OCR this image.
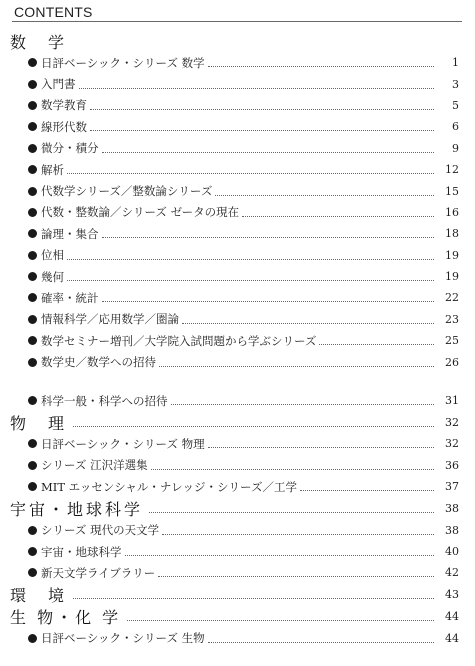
CONTENTS
数　学
日評ベーシック・シリーズ 数学	1
入門書	3
数学教育	5
線形代数	6
微分・積分	9
解析	12
代数学シリーズ／整数論シリーズ	15
代数・整数論／シリーズ ゼータの現在	16
論理・集合	18
位相	19
幾何	19
確率・統計	22
情報科学／応用数学／圏論	23
数学セミナー増刊／大学院入試問題から学ぶシリーズ	25
数学史／数学への招待	26
科学一般・科学への招待	31
物　理	32
日評ベーシック・シリーズ 物理	32
シリーズ 江沢洋選集	36
MIT エッセンシャル・ナレッジ・シリーズ／工学	37
宇宙・地球科学	38
シリーズ 現代の天文学	38
宇宙・地球科学	40
新天文学ライブラリー	42
環　境	43
生 物・化 学	44
日評ベーシック・シリーズ 生物	44
